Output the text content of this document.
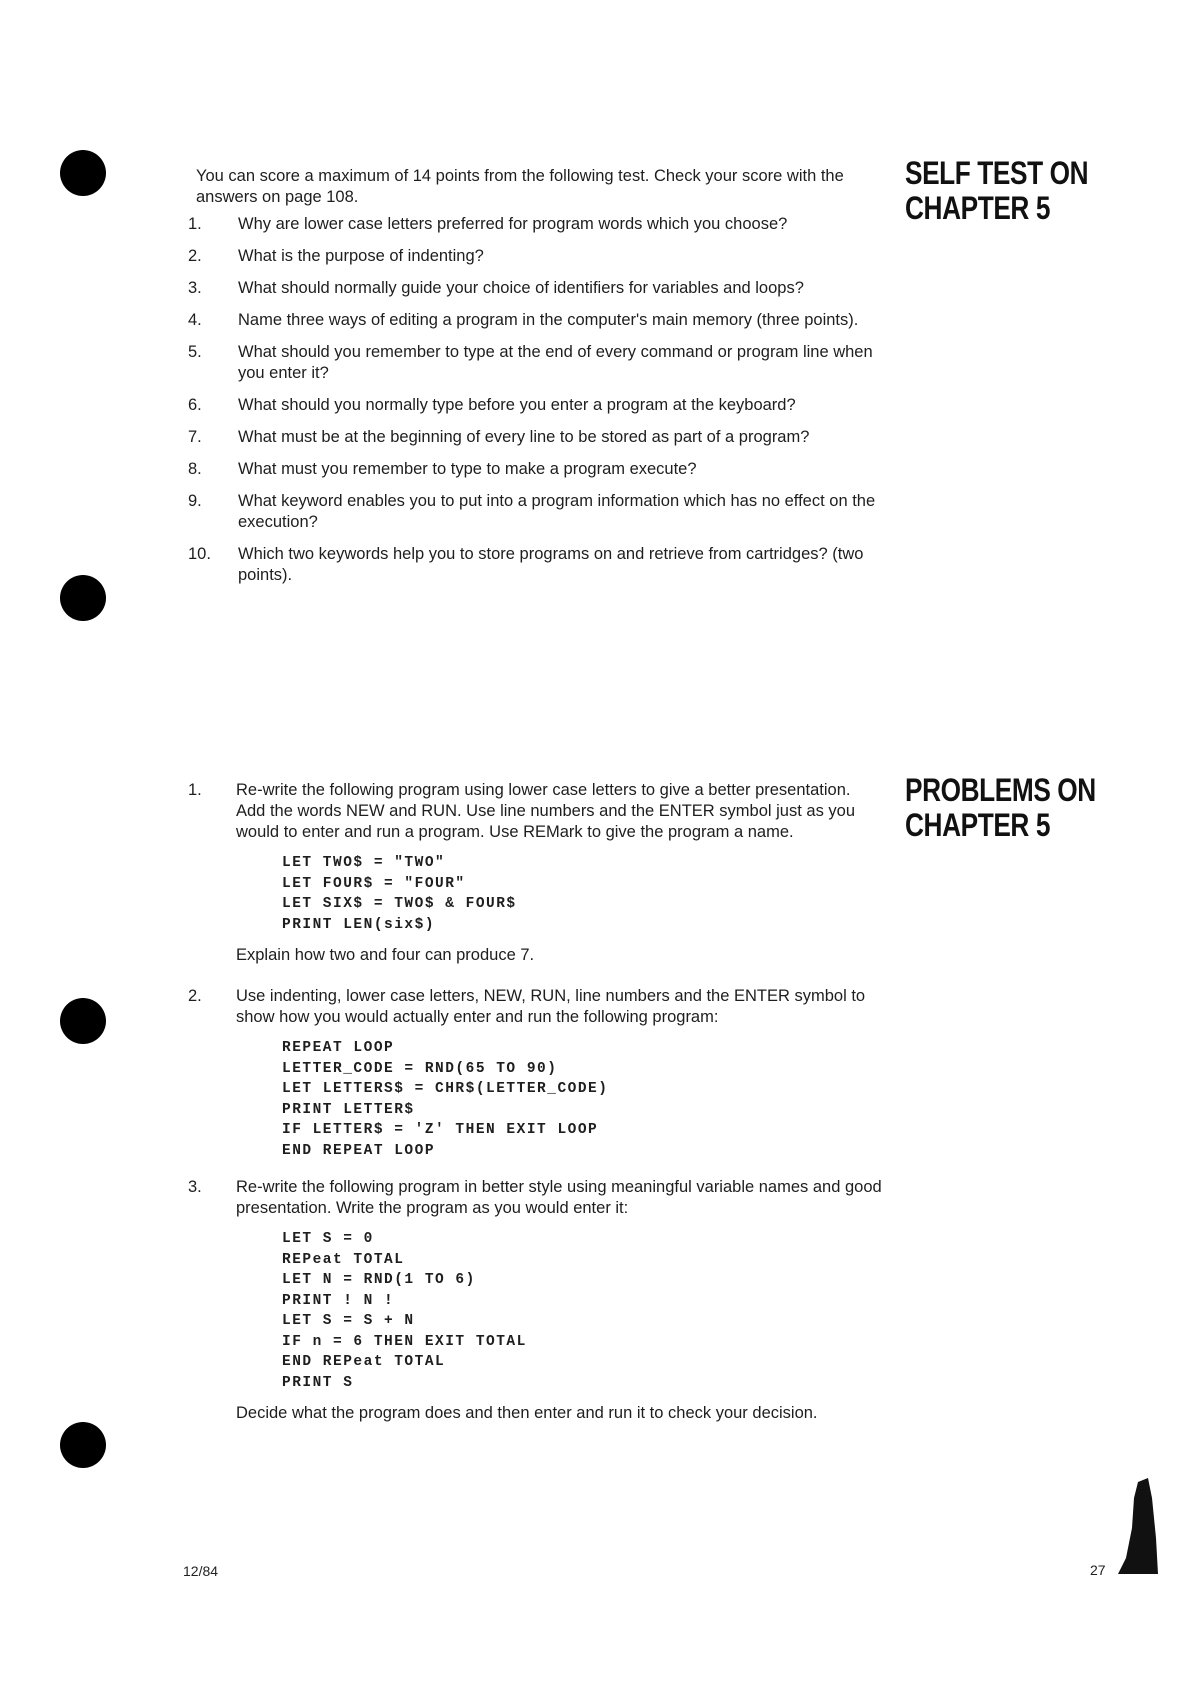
SELF TEST ON
CHAPTER 5
You can score a maximum of 14 points from the following test. Check your score with the answers on page 108.
1.	Why are lower case letters preferred for program words which you choose?
2.	What is the purpose of indenting?
3.	What should normally guide your choice of identifiers for variables and loops?
4.	Name three ways of editing a program in the computer's main memory (three points).
5.	What should you remember to type at the end of every command or program line when you enter it?
6.	What should you normally type before you enter a program at the keyboard?
7.	What must be at the beginning of every line to be stored as part of a program?
8.	What must you remember to type to make a program execute?
9.	What keyword enables you to put into a program information which has no effect on the execution?
10.	Which two keywords help you to store programs on and retrieve from cartridges? (two points).
PROBLEMS ON
CHAPTER 5
1.	Re-write the following program using lower case letters to give a better presentation. Add the words NEW and RUN. Use line numbers and the ENTER symbol just as you would to enter and run a program. Use REMark to give the program a name.
LET TWO$ = "TWO"
LET FOUR$ = "FOUR"
LET SIX$ = TWO$ & FOUR$
PRINT LEN(six$)
Explain how two and four can produce 7.
2.	Use indenting, lower case letters, NEW, RUN, line numbers and the ENTER symbol to show how you would actually enter and run the following program:
REPEAT LOOP
LETTER_CODE = RND(65 TO 90)
LET LETTERS$ = CHR$(LETTER_CODE)
PRINT LETTER$
IF LETTER$ = 'Z' THEN EXIT LOOP
END REPEAT LOOP
3.	Re-write the following program in better style using meaningful variable names and good presentation. Write the program as you would enter it:
LET S = 0
REPeat TOTAL
LET N = RND(1 TO 6)
PRINT ! N !
LET S = S + N
IF n = 6 THEN EXIT TOTAL
END REPeat TOTAL
PRINT S
Decide what the program does and then enter and run it to check your decision.
12/84	27
